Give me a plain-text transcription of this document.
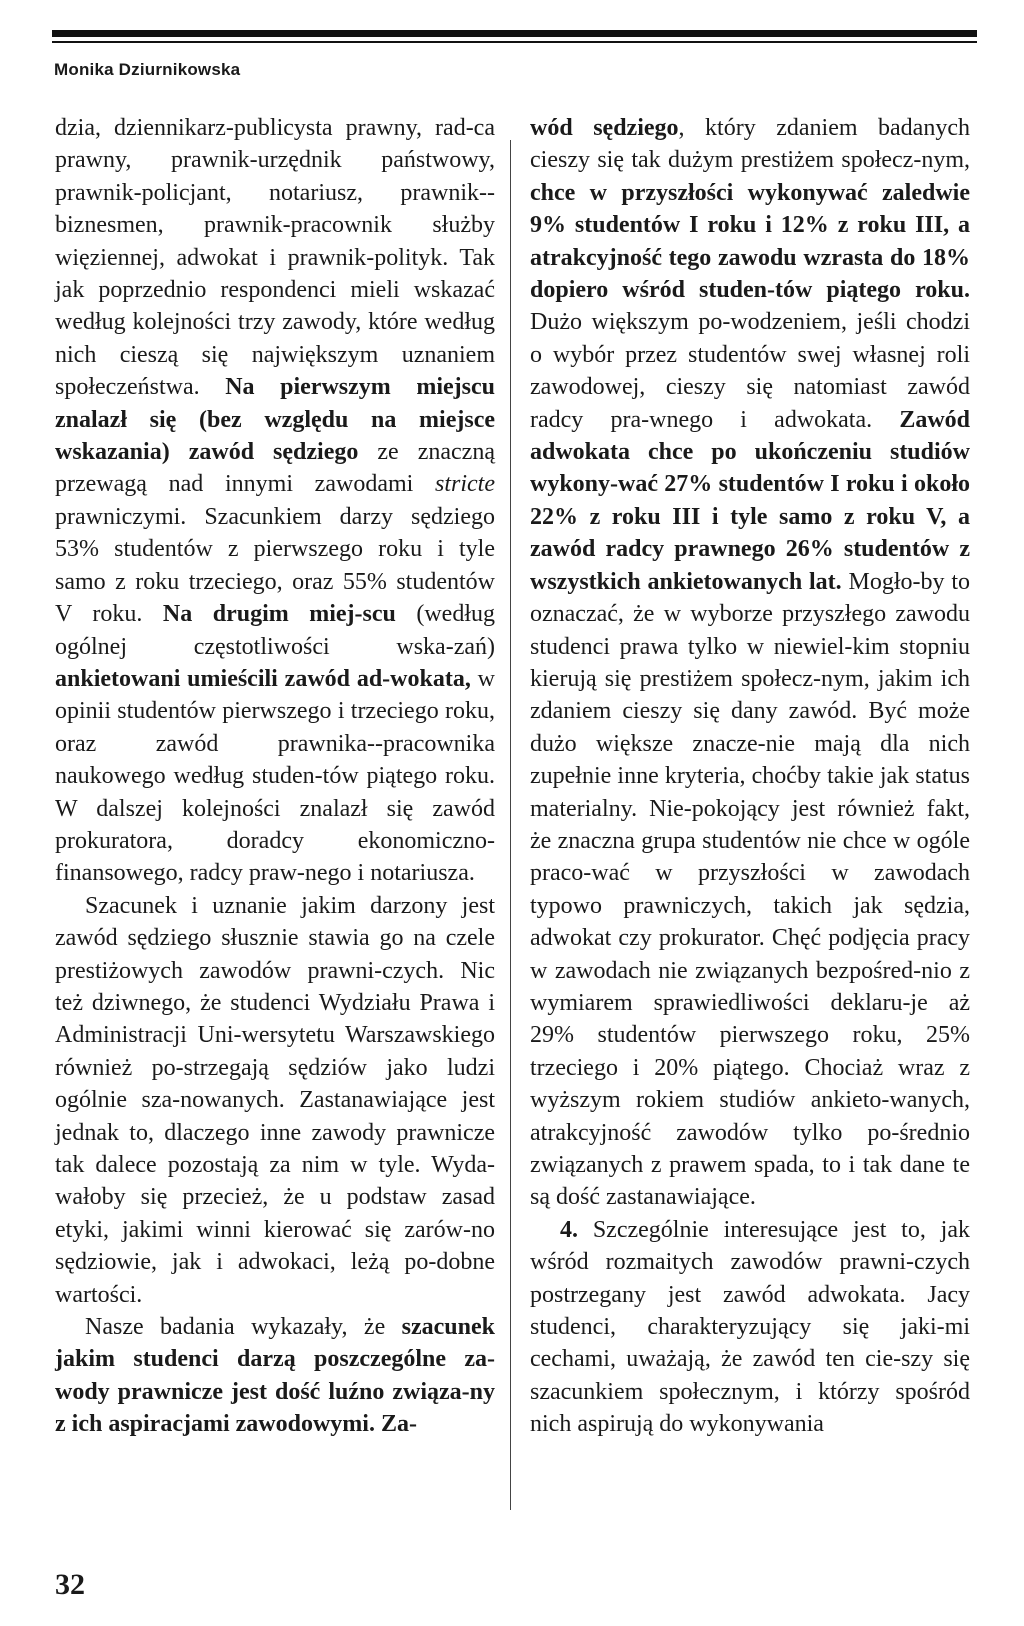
Monika Dziurnikowska

dzia, dziennikarz-publicysta prawny, rad-ca prawny, prawnik-urzędnik państwowy, prawnik-policjant, notariusz, prawnik--biznesmen, prawnik-pracownik służby więziennej, adwokat i prawnik-polityk. Tak jak poprzednio respondenci mieli wskazać według kolejności trzy zawody, które według nich cieszą się największym uznaniem społeczeństwa. Na pierwszym miejscu znalazł się (bez względu na miejsce wskazania) zawód sędziego ze znaczną przewagą nad innymi zawodami stricte prawniczymi. Szacunkiem darzy sędziego 53% studentów z pierwszego roku i tyle samo z roku trzeciego, oraz 55% studentów V roku. Na drugim miej-scu (według ogólnej częstotliwości wska-zań) ankietowani umieścili zawód ad-wokata, w opinii studentów pierwszego i trzeciego roku, oraz zawód prawnika--pracownika naukowego według studen-tów piątego roku. W dalszej kolejności znalazł się zawód prokuratora, doradcy ekonomiczno-finansowego, radcy praw-nego i notariusza.

Szacunek i uznanie jakim darzony jest zawód sędziego słusznie stawia go na czele prestiżowych zawodów prawni-czych. Nic też dziwnego, że studenci Wydziału Prawa i Administracji Uni-wersytetu Warszawskiego również po-strzegają sędziów jako ludzi ogólnie sza-nowanych. Zastanawiające jest jednak to, dlaczego inne zawody prawnicze tak dalece pozostają za nim w tyle. Wyda-wałoby się przecież, że u podstaw zasad etyki, jakimi winni kierować się zarów-no sędziowie, jak i adwokaci, leżą po-dobne wartości.

Nasze badania wykazały, że szacunek jakim studenci darzą poszczególne za-wody prawnicze jest dość luźno związa-ny z ich aspiracjami zawodowymi. Za-

wód sędziego, który zdaniem badanych cieszy się tak dużym prestiżem społecz-nym, chce w przyszłości wykonywać zaledwie 9% studentów I roku i 12% z roku III, a atrakcyjność tego zawodu wzrasta do 18% dopiero wśród studen-tów piątego roku. Dużo większym po-wodzeniem, jeśli chodzi o wybór przez studentów swej własnej roli zawodowej, cieszy się natomiast zawód radcy pra-wnego i adwokata. Zawód adwokata chce po ukończeniu studiów wykony-wać 27% studentów I roku i około 22% z roku III i tyle samo z roku V, a zawód radcy prawnego 26% studentów z wszystkich ankietowanych lat. Mogło-by to oznaczać, że w wyborze przyszłego zawodu studenci prawa tylko w niewiel-kim stopniu kierują się prestiżem społecz-nym, jakim ich zdaniem cieszy się dany zawód. Być może dużo większe znacze-nie mają dla nich zupełnie inne kryteria, choćby takie jak status materialny. Nie-pokojący jest również fakt, że znaczna grupa studentów nie chce w ogóle praco-wać w przyszłości w zawodach typowo prawniczych, takich jak sędzia, adwokat czy prokurator. Chęć podjęcia pracy w zawodach nie związanych bezpośred-nio z wymiarem sprawiedliwości deklaru-je aż 29% studentów pierwszego roku, 25% trzeciego i 20% piątego. Chociaż wraz z wyższym rokiem studiów ankieto-wanych, atrakcyjność zawodów tylko po-średnio związanych z prawem spada, to i tak dane te są dość zastanawiające.

4. Szczególnie interesujące jest to, jak wśród rozmaitych zawodów prawni-czych postrzegany jest zawód adwokata. Jacy studenci, charakteryzujący się jaki-mi cechami, uważają, że zawód ten cie-szy się szacunkiem społecznym, i którzy spośród nich aspirują do wykonywania

32
